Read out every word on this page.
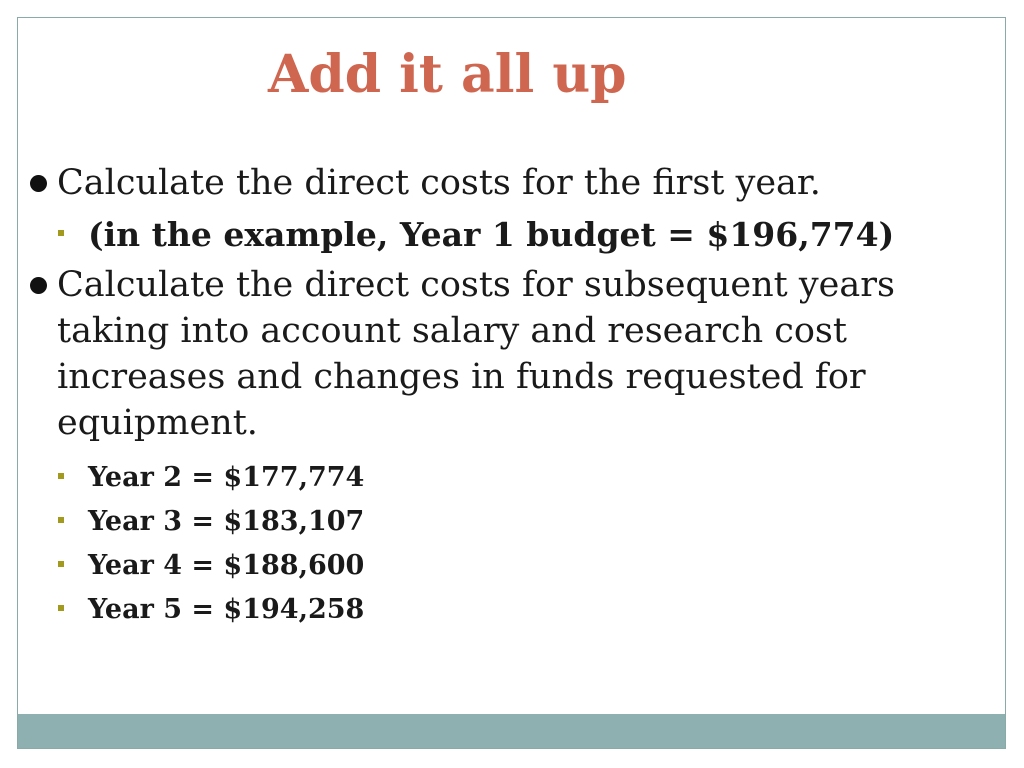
Add it all up
Calculate the direct costs for the first year.
(in the example, Year 1 budget = $196,774)
Calculate the direct costs for subsequent years taking into account salary and research cost increases and changes in funds requested for equipment.
Year 2 = $177,774
Year 3 = $183,107
Year 4 = $188,600
Year 5 = $194,258
